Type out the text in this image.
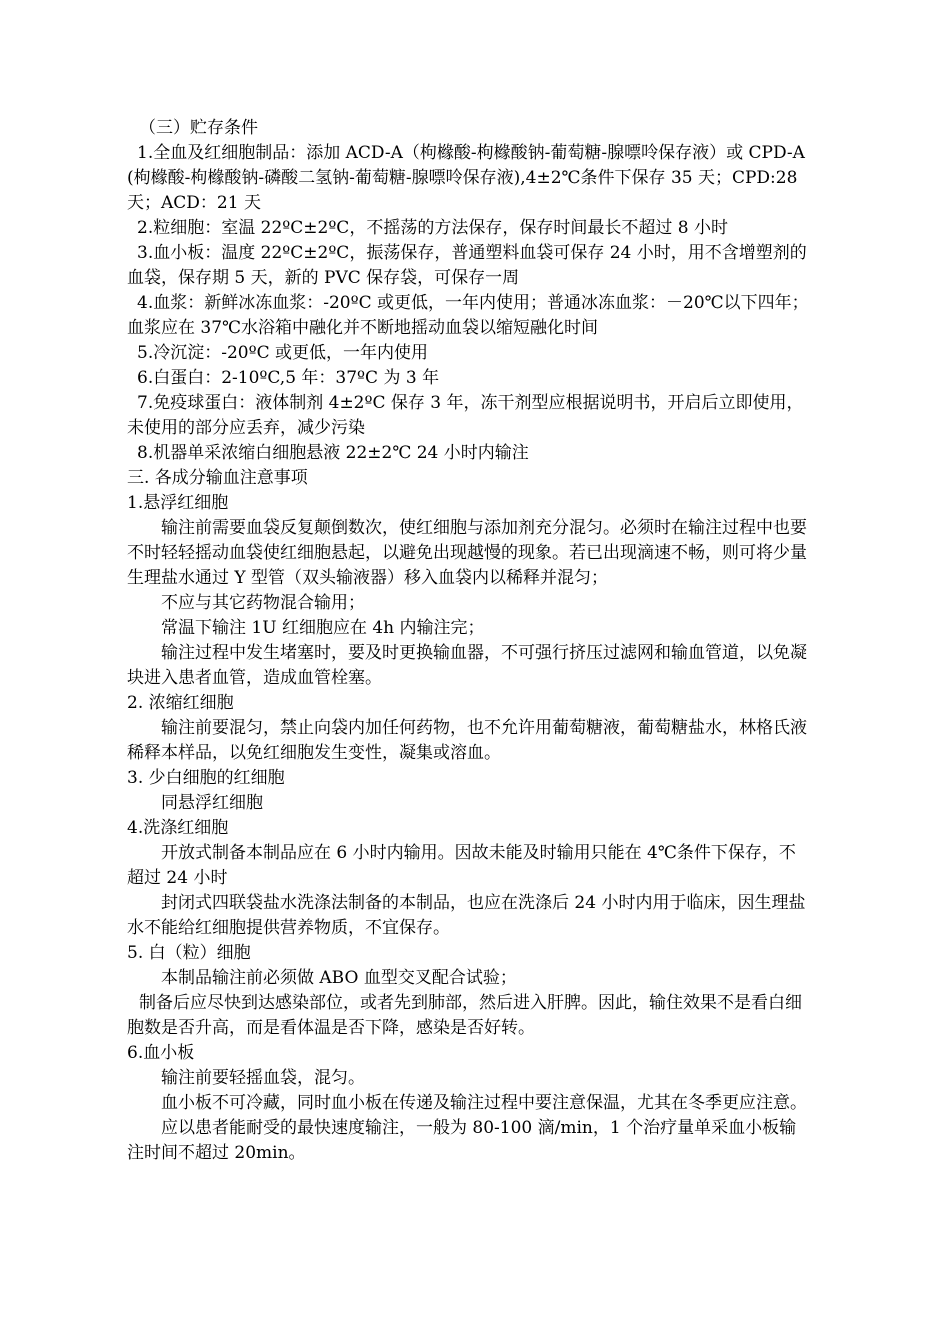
（三）贮存条件
1.全血及红细胞制品：添加 ACD-A（枸橼酸-枸橼酸钠-葡萄糖-腺嘌呤保存液）或 CPD-A(枸橼酸-枸橼酸钠-磷酸二氢钠-葡萄糖-腺嘌呤保存液),4±2℃条件下保存 35 天；CPD:28 天；ACD：21 天
2.粒细胞：室温 22ºC±2ºC，不摇荡的方法保存，保存时间最长不超过 8 小时
3.血小板：温度 22ºC±2ºC，振荡保存，普通塑料血袋可保存 24 小时，用不含增塑剂的血袋，保存期 5 天，新的 PVC 保存袋，可保存一周
4.血浆：新鲜冰冻血浆：-20ºC 或更低，一年内使用；普通冰冻血浆：－20℃以下四年；血浆应在 37℃水浴箱中融化并不断地摇动血袋以缩短融化时间
5.冷沉淀：-20ºC 或更低，一年内使用
6.白蛋白：2-10ºC,5 年：37ºC 为 3 年
7.免疫球蛋白：液体制剂 4±2ºC 保存 3 年，冻干剂型应根据说明书，开启后立即使用，未使用的部分应丢弃，减少污染
8.机器单采浓缩白细胞悬液 22±2℃ 24 小时内输注
三. 各成分输血注意事项
1.悬浮红细胞
输注前需要血袋反复颠倒数次，使红细胞与添加剂充分混匀。必须时在输注过程中也要不时轻轻摇动血袋使红细胞悬起，以避免出现越慢的现象。若已出现滴速不畅，则可将少量生理盐水通过 Y 型管（双头输液器）移入血袋内以稀释并混匀；
不应与其它药物混合输用；
常温下输注 1U 红细胞应在 4h 内输注完；
输注过程中发生堵塞时，要及时更换输血器，不可强行挤压过滤网和输血管道，以免凝块进入患者血管，造成血管栓塞。
2. 浓缩红细胞
输注前要混匀，禁止向袋内加任何药物，也不允许用葡萄糖液，葡萄糖盐水，林格氏液稀释本样品，以免红细胞发生变性，凝集或溶血。
3. 少白细胞的红细胞
同悬浮红细胞
4.洗涤红细胞
开放式制备本制品应在 6 小时内输用。因故未能及时输用只能在 4℃条件下保存，不超过 24 小时
封闭式四联袋盐水洗涤法制备的本制品，也应在洗涤后 24 小时内用于临床，因生理盐水不能给红细胞提供营养物质，不宜保存。
5. 白（粒）细胞
本制品输注前必须做 ABO 血型交叉配合试验；
制备后应尽快到达感染部位，或者先到肺部，然后进入肝脾。因此，输住效果不是看白细胞数是否升高，而是看体温是否下降，感染是否好转。
6.血小板
输注前要轻摇血袋，混匀。
血小板不可冷藏，同时血小板在传递及输注过程中要注意保温，尤其在冬季更应注意。
应以患者能耐受的最快速度输注，一般为 80-100 滴/min，1 个治疗量单采血小板输注时间不超过 20min。
